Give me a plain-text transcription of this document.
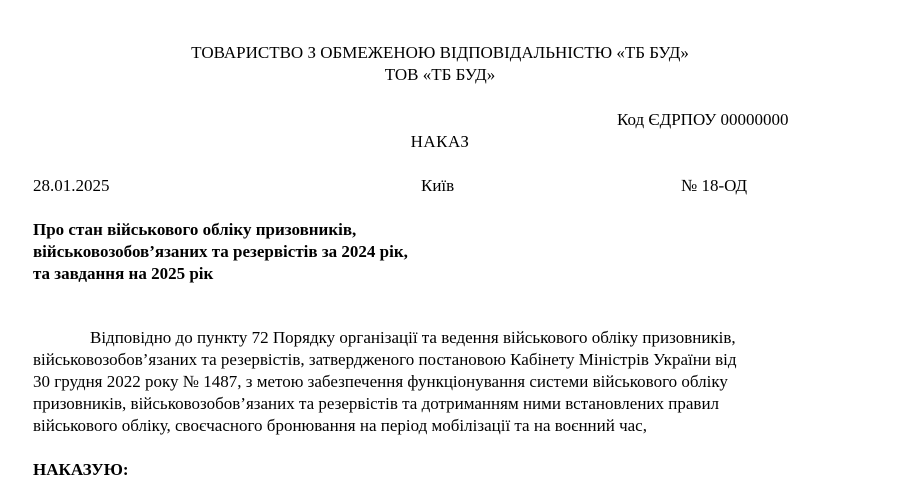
ТОВАРИСТВО З ОБМЕЖЕНОЮ ВІДПОВІДАЛЬНІСТЮ «ТБ БУД»
ТОВ «ТБ БУД»
Код ЄДРПОУ 00000000
НАКАЗ
28.01.2025	Київ	№ 18-ОД
Про стан військового обліку призовників,
військовозобов’язаних та резервістів за 2024 рік,
та завдання на 2025 рік
Відповідно до пункту 72 Порядку організації та ведення військового обліку призовників,
військовозобов’язаних та резервістів, затвердженого постановою Кабінету Міністрів України від
30 грудня 2022 року № 1487, з метою забезпечення функціонування системи військового обліку
призовників, військовозобов’язаних та резервістів та дотриманням ними встановлених правил
військового обліку, своєчасного бронювання на період мобілізації та на воєнний час,
НАКАЗУЮ:
